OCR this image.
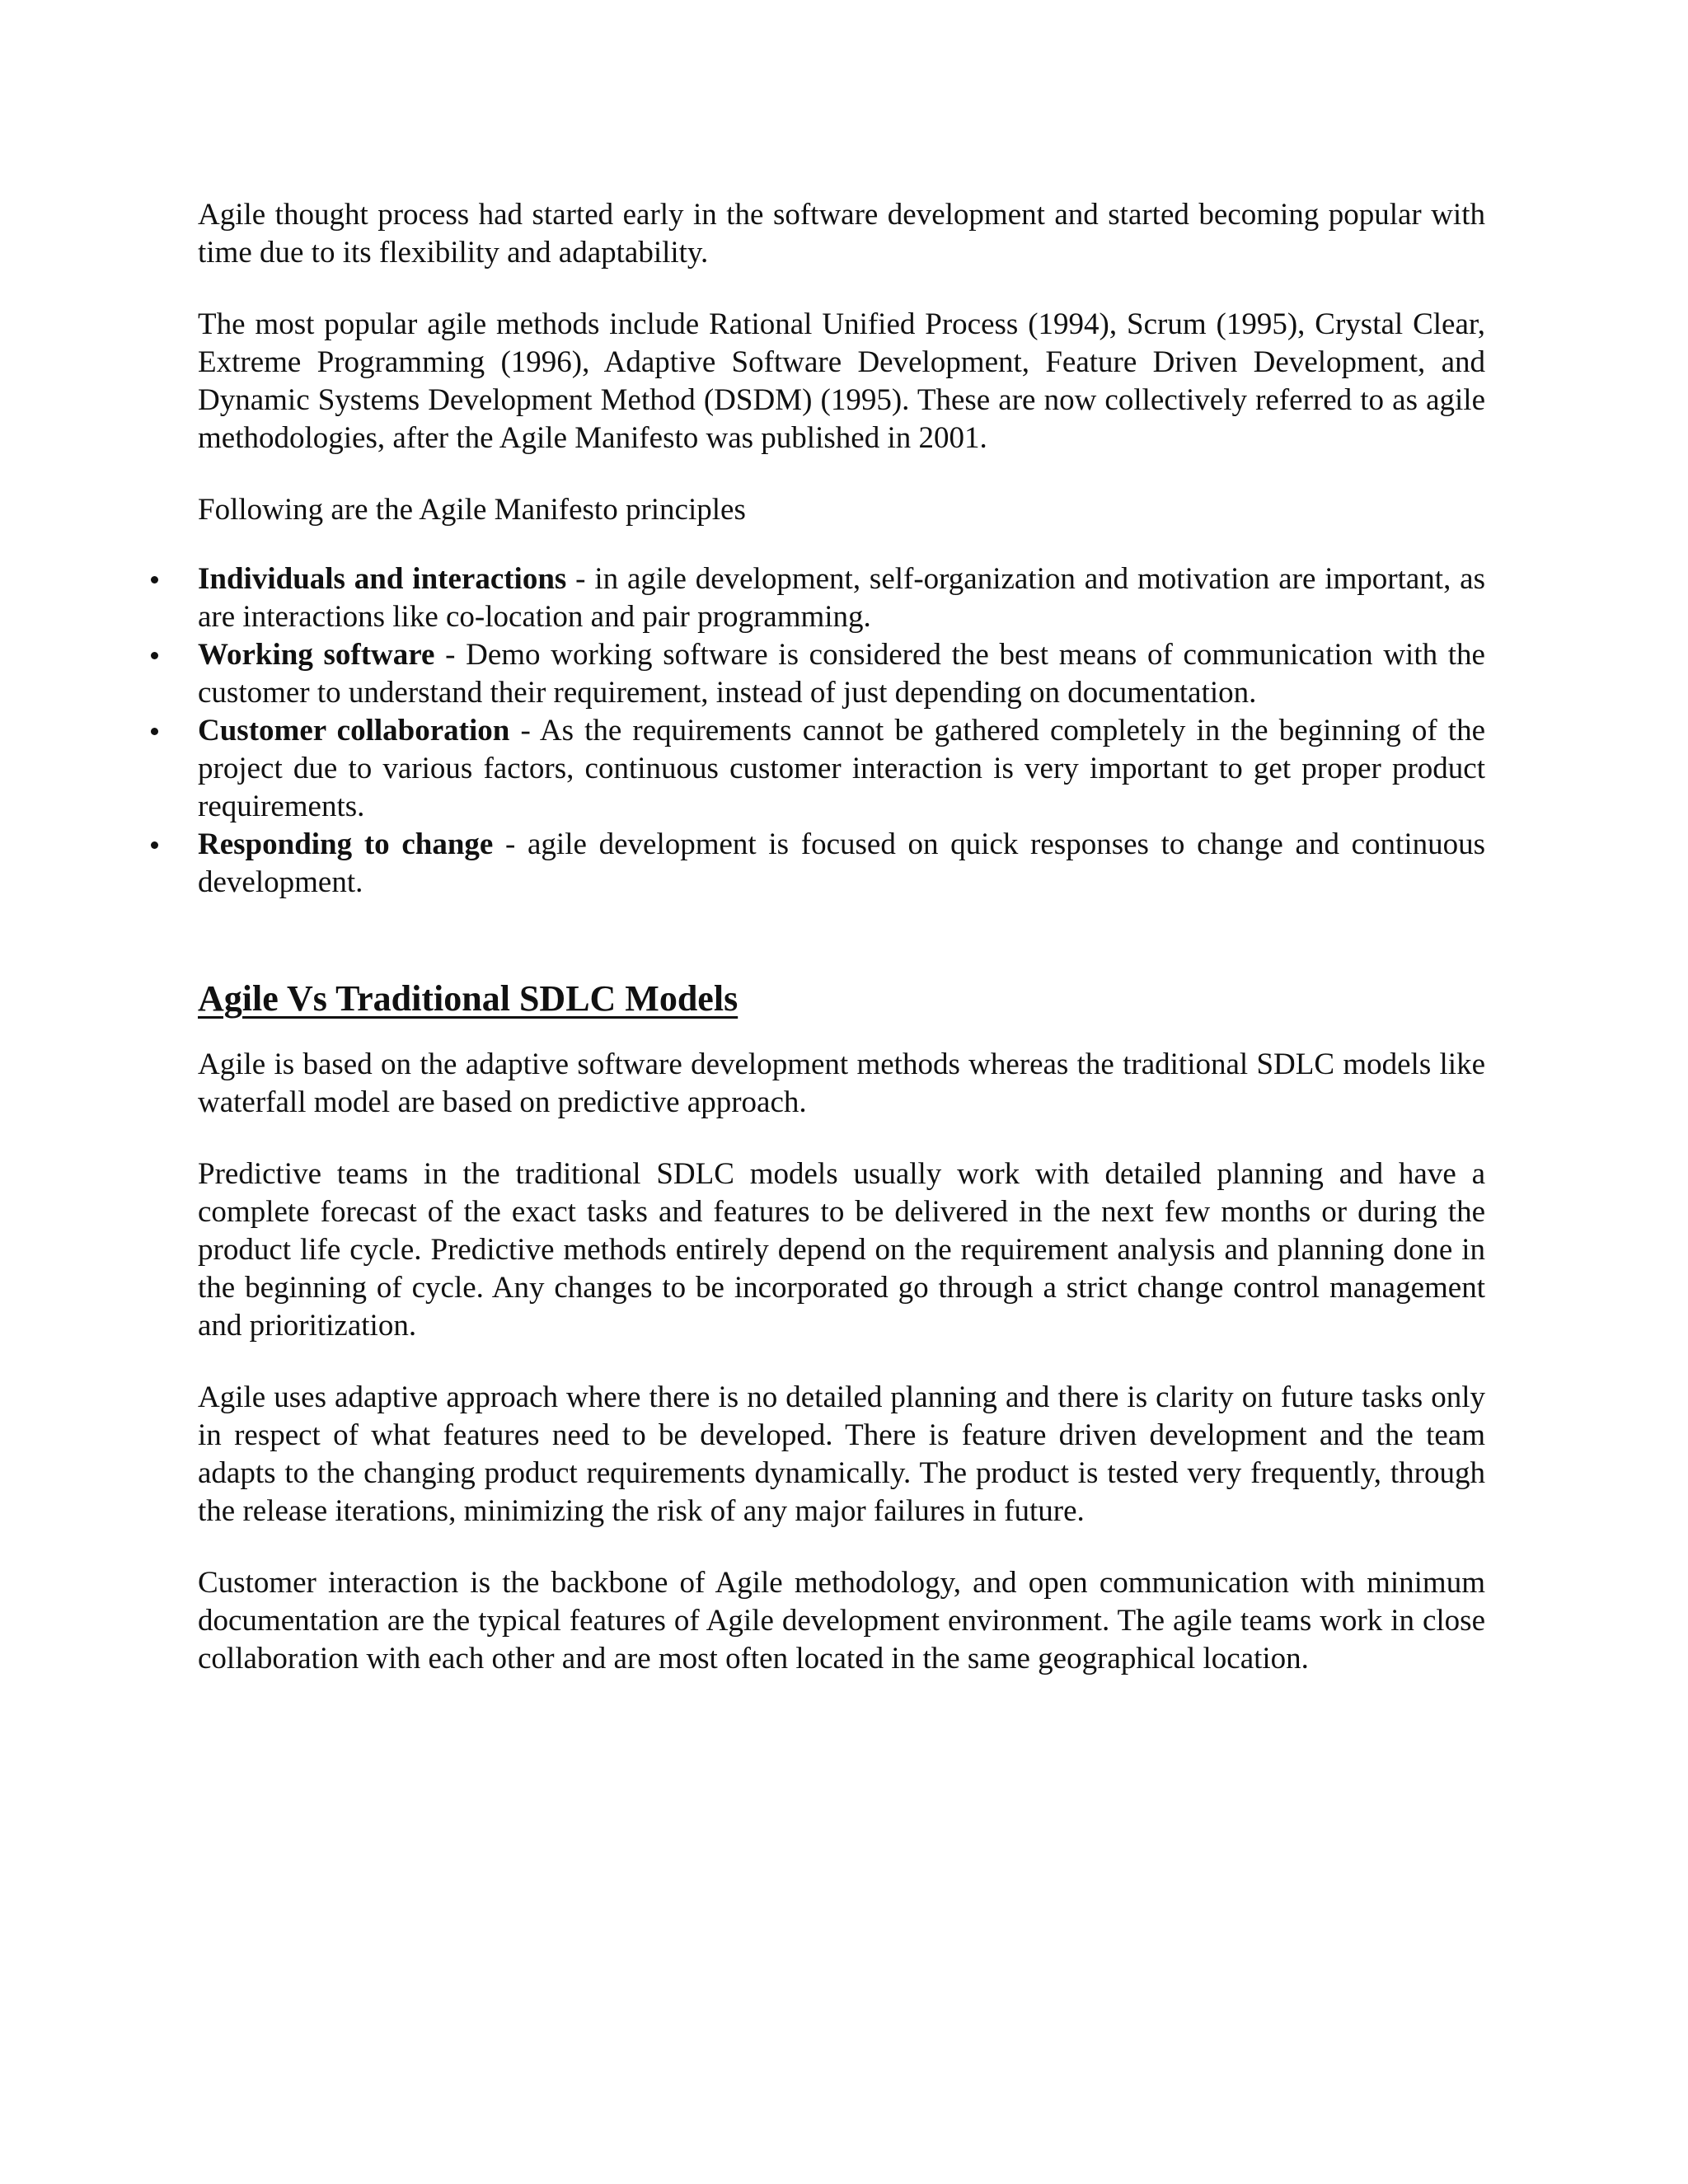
Agile thought process had started early in the software development and started becoming popular with time due to its flexibility and adaptability.

The most popular agile methods include Rational Unified Process (1994), Scrum (1995), Crystal Clear, Extreme Programming (1996), Adaptive Software Development, Feature Driven Development, and Dynamic Systems Development Method (DSDM) (1995). These are now collectively referred to as agile methodologies, after the Agile Manifesto was published in 2001.

Following are the Agile Manifesto principles

Individuals and interactions - in agile development, self-organization and motivation are important, as are interactions like co-location and pair programming.
Working software - Demo working software is considered the best means of communication with the customer to understand their requirement, instead of just depending on documentation.
Customer collaboration - As the requirements cannot be gathered completely in the beginning of the project due to various factors, continuous customer interaction is very important to get proper product requirements.
Responding to change - agile development is focused on quick responses to change and continuous development.
Agile Vs Traditional SDLC Models

Agile is based on the adaptive software development methods whereas the traditional SDLC models like waterfall model are based on predictive approach.

Predictive teams in the traditional SDLC models usually work with detailed planning and have a complete forecast of the exact tasks and features to be delivered in the next few months or during the product life cycle. Predictive methods entirely depend on the requirement analysis and planning done in the beginning of cycle. Any changes to be incorporated go through a strict change control management and prioritization.

Agile uses adaptive approach where there is no detailed planning and there is clarity on future tasks only in respect of what features need to be developed. There is feature driven development and the team adapts to the changing product requirements dynamically. The product is tested very frequently, through the release iterations, minimizing the risk of any major failures in future.

Customer interaction is the backbone of Agile methodology, and open communication with minimum documentation are the typical features of Agile development environment. The agile teams work in close collaboration with each other and are most often located in the same geographical location.
